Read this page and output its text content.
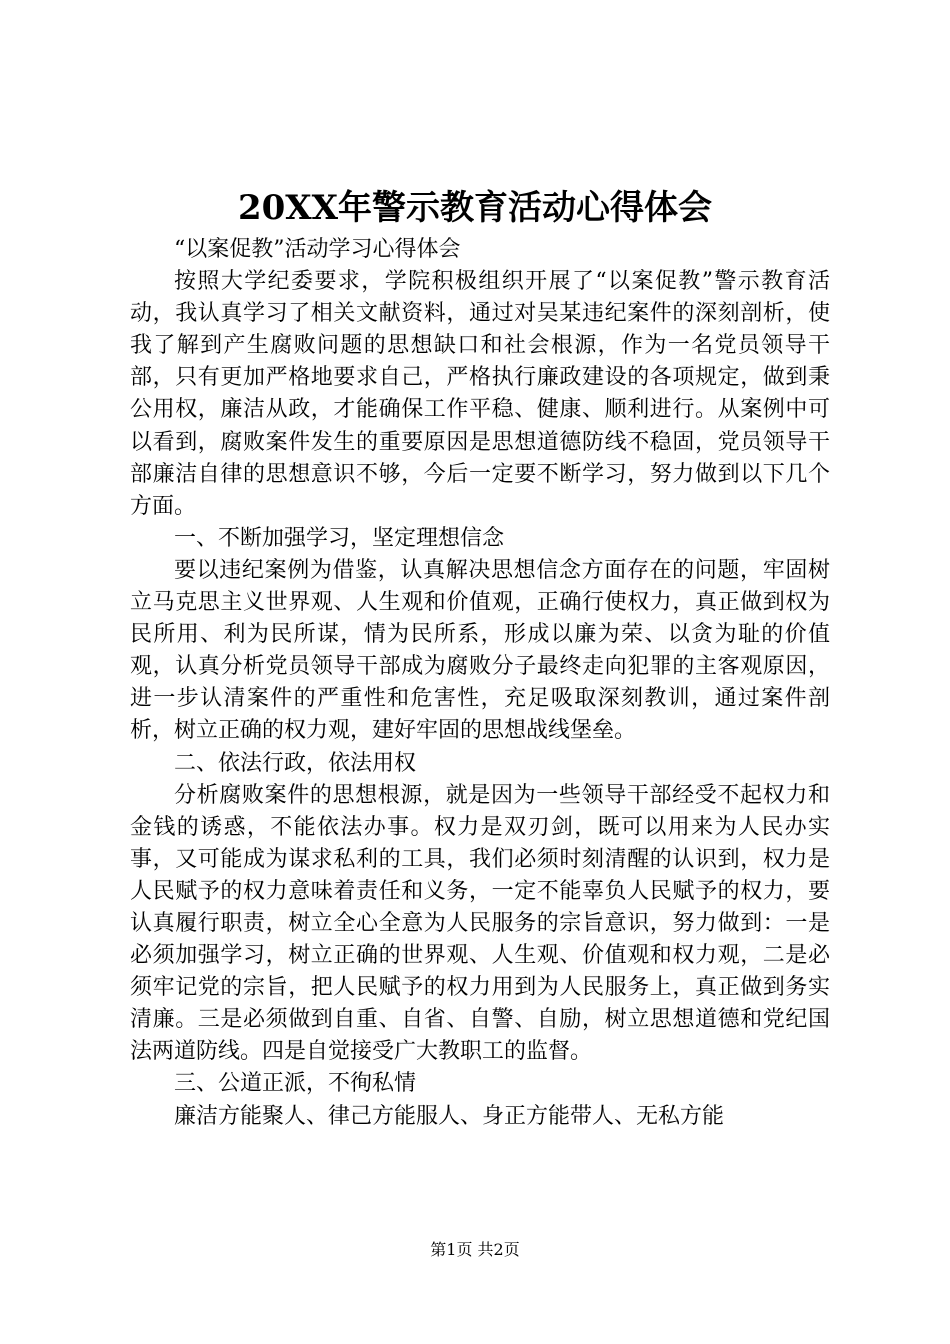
20XX年警示教育活动心得体会

“以案促教”活动学习心得体会

按照大学纪委要求，学院积极组织开展了“以案促教”警示教育活动，我认真学习了相关文献资料，通过对吴某违纪案件的深刻剖析，使我了解到产生腐败问题的思想缺口和社会根源，作为一名党员领导干部，只有更加严格地要求自己，严格执行廉政建设的各项规定，做到秉公用权，廉洁从政，才能确保工作平稳、健康、顺利进行。从案例中可以看到，腐败案件发生的重要原因是思想道德防线不稳固，党员领导干部廉洁自律的思想意识不够，今后一定要不断学习，努力做到以下几个方面。

一、不断加强学习，坚定理想信念

要以违纪案例为借鉴，认真解决思想信念方面存在的问题，牢固树立马克思主义世界观、人生观和价值观，正确行使权力，真正做到权为民所用、利为民所谋，情为民所系，形成以廉为荣、以贪为耻的价值观，认真分析党员领导干部成为腐败分子最终走向犯罪的主客观原因，进一步认清案件的严重性和危害性，充足吸取深刻教训，通过案件剖析，树立正确的权力观，建好牢固的思想战线堡垒。

二、依法行政，依法用权

分析腐败案件的思想根源，就是因为一些领导干部经受不起权力和金钱的诱惑，不能依法办事。权力是双刃剑，既可以用来为人民办实事，又可能成为谋求私利的工具，我们必须时刻清醒的认识到，权力是人民赋予的权力意味着责任和义务，一定不能辜负人民赋予的权力，要认真履行职责，树立全心全意为人民服务的宗旨意识，努力做到：一是必须加强学习，树立正确的世界观、人生观、价值观和权力观，二是必须牢记党的宗旨，把人民赋予的权力用到为人民服务上，真正做到务实清廉。三是必须做到自重、自省、自警、自励，树立思想道德和党纪国法两道防线。四是自觉接受广大教职工的监督。

三、公道正派，不徇私情

廉洁方能聚人、律己方能服人、身正方能带人、无私方能

第1页 共2页
